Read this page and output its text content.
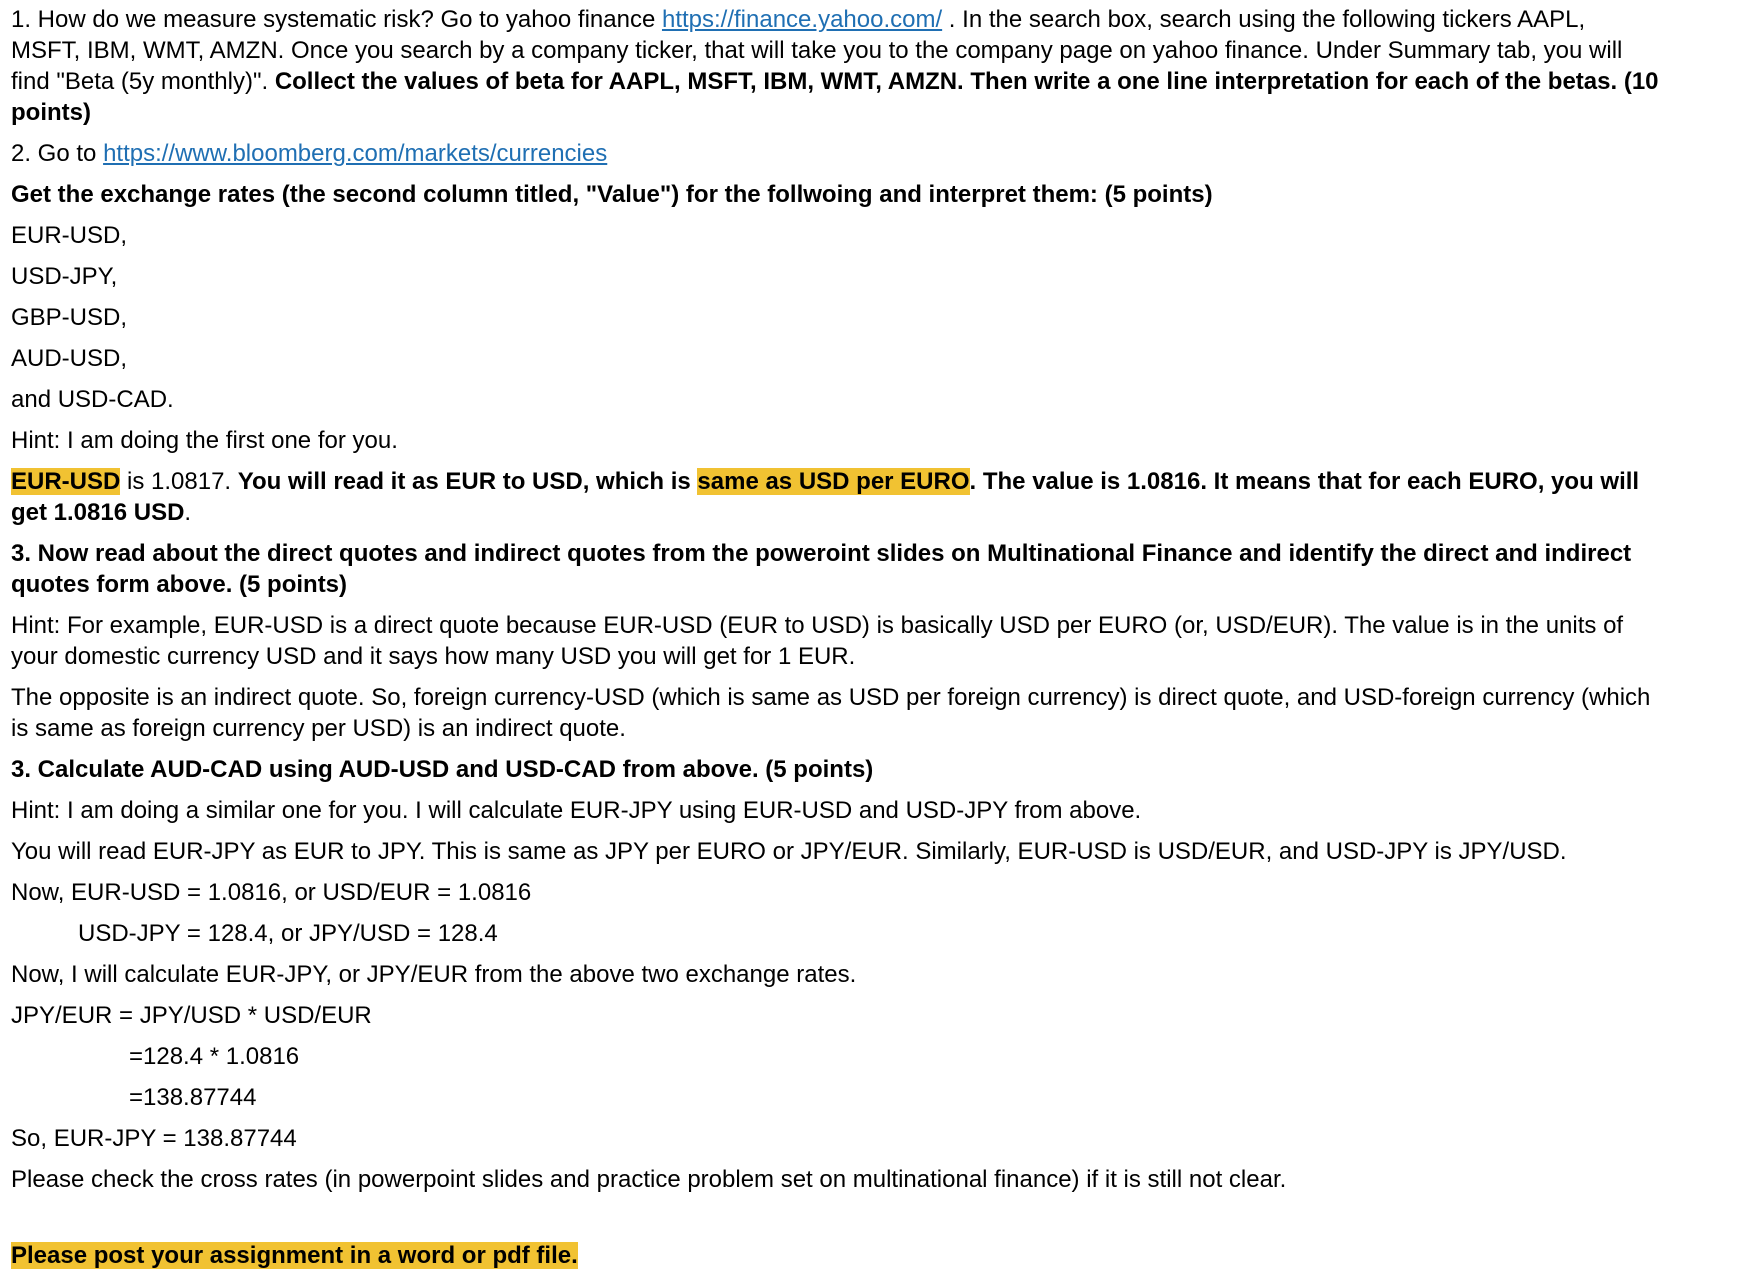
1. How do we measure systematic risk? Go to yahoo finance https://finance.yahoo.com/ . In the search box, search using the following tickers AAPL, MSFT, IBM, WMT, AMZN. Once you search by a company ticker, that will take you to the company page on yahoo finance. Under Summary tab, you will find "Beta (5y monthly)". Collect the values of beta for AAPL, MSFT, IBM, WMT, AMZN. Then write a one line interpretation for each of the betas. (10 points)

2. Go to https://www.bloomberg.com/markets/currencies

Get the exchange rates (the second column titled, "Value") for the follwoing and interpret them: (5 points)

EUR-USD,

USD-JPY,

GBP-USD,

AUD-USD,

and USD-CAD.

Hint: I am doing the first one for you.

EUR-USD is 1.0817. You will read it as EUR to USD, which is same as USD per EURO. The value is 1.0816. It means that for each EURO, you will get 1.0816 USD.

3. Now read about the direct quotes and indirect quotes from the poweroint slides on Multinational Finance and identify the direct and indirect quotes form above. (5 points)

Hint: For example, EUR-USD is a direct quote because EUR-USD (EUR to USD) is basically USD per EURO (or, USD/EUR). The value is in the units of your domestic currency USD and it says how many USD you will get for 1 EUR.

The opposite is an indirect quote. So, foreign currency-USD (which is same as USD per foreign currency) is direct quote, and USD-foreign currency (which is same as foreign currency per USD) is an indirect quote.

3. Calculate AUD-CAD using AUD-USD and USD-CAD from above. (5 points)

Hint: I am doing a similar one for you. I will calculate EUR-JPY using EUR-USD and USD-JPY from above.

You will read EUR-JPY as EUR to JPY. This is same as JPY per EURO or JPY/EUR. Similarly, EUR-USD is USD/EUR, and USD-JPY is JPY/USD.

Now, EUR-USD = 1.0816, or USD/EUR = 1.0816

USD-JPY = 128.4, or JPY/USD = 128.4

Now, I will calculate EUR-JPY, or JPY/EUR from the above two exchange rates.

JPY/EUR = JPY/USD * USD/EUR

=128.4 * 1.0816

=138.87744

So, EUR-JPY = 138.87744

Please check the cross rates (in powerpoint slides and practice problem set on multinational finance) if it is still not clear.

Please post your assignment in a word or pdf file.
